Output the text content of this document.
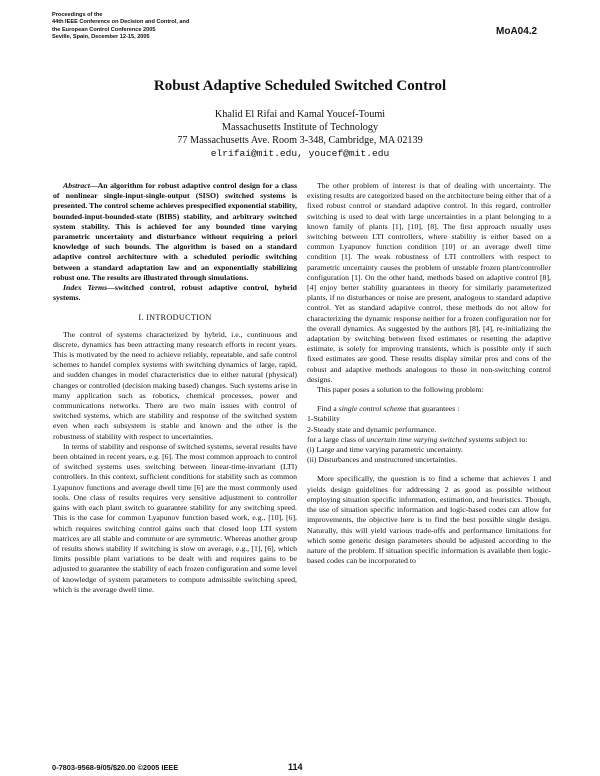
Proceedings of the
44th IEEE Conference on Decision and Control, and
the European Control Conference 2005
Seville, Spain, December 12-15, 2005
MoA04.2
Robust Adaptive Scheduled Switched Control
Khalid El Rifai and Kamal Youcef-Toumi
Massachusetts Institute of Technology
77 Massachusetts Ave. Room 3-348, Cambridge, MA 02139
elrifai@mit.edu, youcef@mit.edu

Abstract—An algorithm for robust adaptive control design for a class of nonlinear single-input-single-output (SISO) switched systems is presented. The control scheme achieves prespecified exponential stability, bounded-input-bounded-state (BIBS) stability, and arbitrary switched system stability. This is achieved for any bounded time varying parametric uncertainty and disturbance without requiring a priori knowledge of such bounds. The algorithm is based on a standard adaptive control architecture with a scheduled periodic switching between a standard adaptation law and an exponentially stabilizing robust one. The results are illustrated through simulations.

Index Terms—switched control, robust adaptive control, hybrid systems.

I. INTRODUCTION

The control of systems characterized by hybrid, i.e., continuous and discrete, dynamics has been attracting many research efforts in recent years. This is motivated by the need to achieve reliably, repeatable, and safe control schemes to handel complex systems with switching dynamics of large, rapid, and sudden changes in model characteristics due to either natural (physical) changes or controlled (decision making based) changes. Such systems arise in many application such as robotics, chemical processes, power and communications networks. There are two main issues with control of switched systems, which are stability and response of the switched system even when each subsystem is stable and known and the other is the robustness of stability with respect to uncertainties.

In terms of stability and response of switched systems, several results have been obtained in recent years, e.g. [6]. The most common approach to control of switched systems uses switching between linear-time-invariant (LTI) controllers. In this context, sufficient conditions for stability such as common Lyapunov functions and average dwell time [6] are the most commonly used tools. One class of results requires very sensitive adjustment to controller gains with each plant switch to guarantee stability for any switching speed. This is the case for common Lyapunov function based work, e.g., [10], [6], which requires switching control gains such that closed loop LTI system matrices are all stable and commute or are symmetric. Whereas another group of results shows stability if switching is slow on average, e.g., [1], [6], which limits possible plant variations to be dealt with and requires gains to be adjusted to guarantee the stability of each frozen configuration and some level of knowledge of system parameters to compute admissible switching speed, which is the average dwell time.

The other problem of interest is that of dealing with uncertainty. The existing results are categorized based on the architecture being either that of a fixed robust control or standard adaptive control. In this regard, controller switching is used to deal with large uncertainties in a plant belonging to a known family of plants [1], [10], [8]. The first approach usually uses switching between LTI controllers, where stability is either based on a common Lyapunov function condition [10] or an average dwell time condition [1]. The weak robustness of LTI controllers with respect to parametric uncertainty causes the problem of unstable frozen plant/controller configuration [1]. On the other hand, methods based on adaptive control [8], [4] enjoy better stability guarantees in theory for similarly parameterized plants, if no disturbances or noise are present, analogous to standard adaptive control. Yet as standard adaptive control, these methods do not allow for characterizing the dynamic response neither for a frozen configuration nor for the overall dynamics. As suggested by the authors [8], [4], re-initializing the adaptation by switching between fixed estimates or resetting the adaptive estimate, is solely for improving transients, which is possible only if such fixed estimates are good. These results display similar pros and cons of the robust and adaptive methods analogous to those in non-switching control designs.

This paper poses a solution to the following problem:

Find a single control scheme that guarantees :

1-Stability

2-Steady state and dynamic performance.

for a large class of uncertain time varying switched systems subject to:

(i) Large and time varying parametric uncertainty.

(ii) Disturbances and unstructured uncertainties.

More specifically, the question is to find a scheme that achieves 1 and yields design guidelines for addressing 2 as good as possible without employing situation specific information, estimation, and heuristics. Though, the use of situation specific information and logic-based codes can allow for improvements, the objective here is to find the best possible single design. Naturally, this will yield various trade-offs and performance limitations for which some generic design parameters should be adjusted according to the nature of the problem. If situation specific information is available then logic-based codes can be incorporated to

0-7803-9568-9/05/$20.00 ©2005 IEEE	114
